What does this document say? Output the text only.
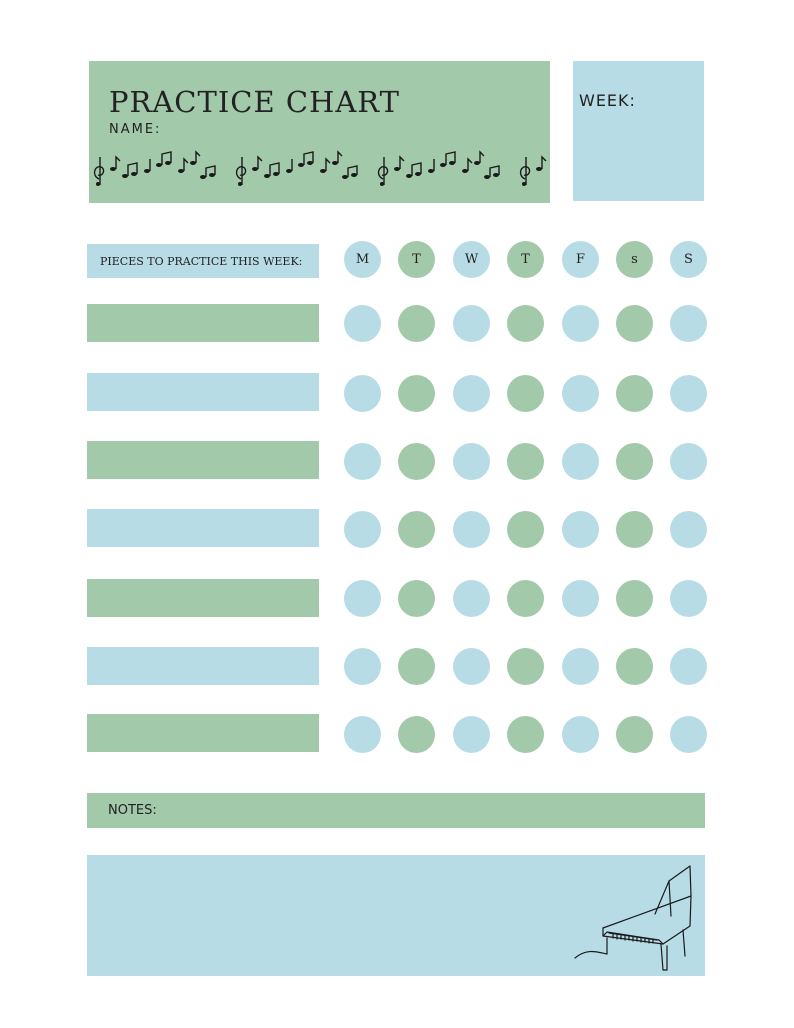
PRACTICE CHART
NAME:
WEEK:
PIECES TO PRACTICE THIS WEEK:	M	T	W	T	F	s	S
NOTES:
